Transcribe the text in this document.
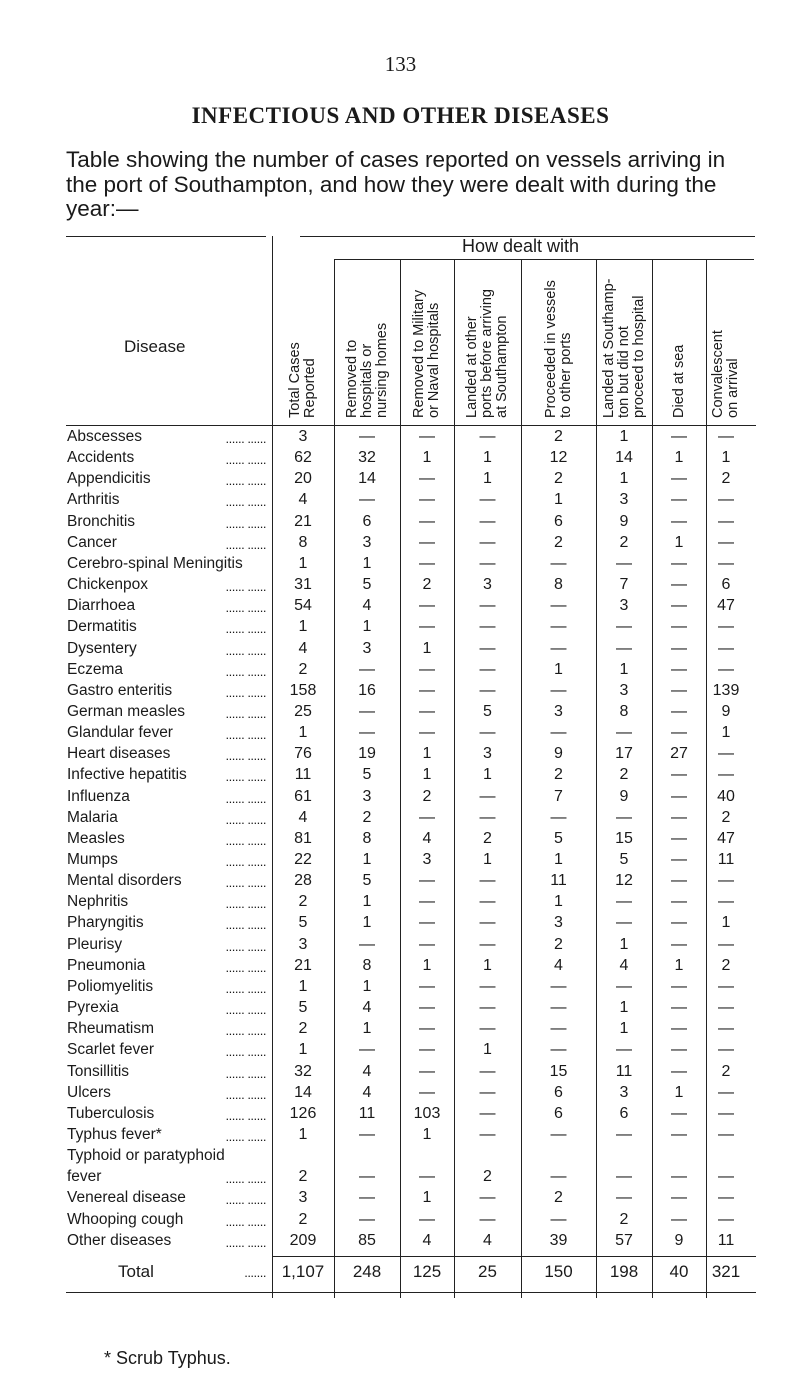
133
INFECTIOUS AND OTHER DISEASES
Table showing the number of cases reported on vessels arriving in the port of Southampton, and how they were dealt with during the year:—
Disease
How dealt with
Total Cases Reported Removed to hospitals or nursing homes Removed to Military or Naval hospitals Landed at other ports before arriving at Southampton Proceeded in vessels to other ports Landed at Southamp- ton but did not proceed to hospital Died at sea Convalescent on arrival
Abscesses	...... ......	3	—	—	—	2	1	—	—
Accidents	...... ......	62	32	1	1	12	14	1	1
Appendicitis	...... ......	20	14	—	1	2	1	—	2
Arthritis	...... ......	4	—	—	—	1	3	—	—
Bronchitis	...... ......	21	6	—	—	6	9	—	—
Cancer	...... ......	8	3	—	—	2	2	1	—
Cerebro-spinal Meningitis	1	1	—	—	—	—	—	—
Chickenpox	...... ......	31	5	2	3	8	7	—	6
Diarrhoea	...... ......	54	4	—	—	—	3	—	47
Dermatitis	...... ......	1	1	—	—	—	—	—	—
Dysentery	...... ......	4	3	1	—	—	—	—	—
Eczema	...... ......	2	—	—	—	1	1	—	—
Gastro enteritis	...... ......	158	16	—	—	—	3	—	139
German measles	...... ......	25	—	—	5	3	8	—	9
Glandular fever	...... ......	1	—	—	—	—	—	—	1
Heart diseases	...... ......	76	19	1	3	9	17	27	—
Infective hepatitis	...... ......	11	5	1	1	2	2	—	—
Influenza	...... ......	61	3	2	—	7	9	—	40
Malaria	...... ......	4	2	—	—	—	—	—	2
Measles	...... ......	81	8	4	2	5	15	—	47
Mumps	...... ......	22	1	3	1	1	5	—	11
Mental disorders	...... ......	28	5	—	—	11	12	—	—
Nephritis	...... ......	2	1	—	—	1	—	—	—
Pharyngitis	...... ......	5	1	—	—	3	—	—	1
Pleurisy	...... ......	3	—	—	—	2	1	—	—
Pneumonia	...... ......	21	8	1	1	4	4	1	2
Poliomyelitis	...... ......	1	1	—	—	—	—	—	—
Pyrexia	...... ......	5	4	—	—	—	1	—	—
Rheumatism	...... ......	2	1	—	—	—	1	—	—
Scarlet fever	...... ......	1	—	—	1	—	—	—	—
Tonsillitis	...... ......	32	4	—	—	15	11	—	2
Ulcers	...... ......	14	4	—	—	6	3	1	—
Tuberculosis	...... ......	126	11	103	—	6	6	—	—
Typhus fever*	...... ......	1	—	1	—	—	—	—	—
Typhoid or paratyphoid
fever	...... ......	2	—	—	2	—	—	—	—
Venereal disease	...... ......	3	—	1	—	2	—	—	—
Whooping cough	...... ......	2	—	—	—	—	2	—	—
Other diseases	...... ......	209	85	4	4	39	57	9	11
Total	....... 1,107	248	125	25	150	198	40	321
* Scrub Typhus.
